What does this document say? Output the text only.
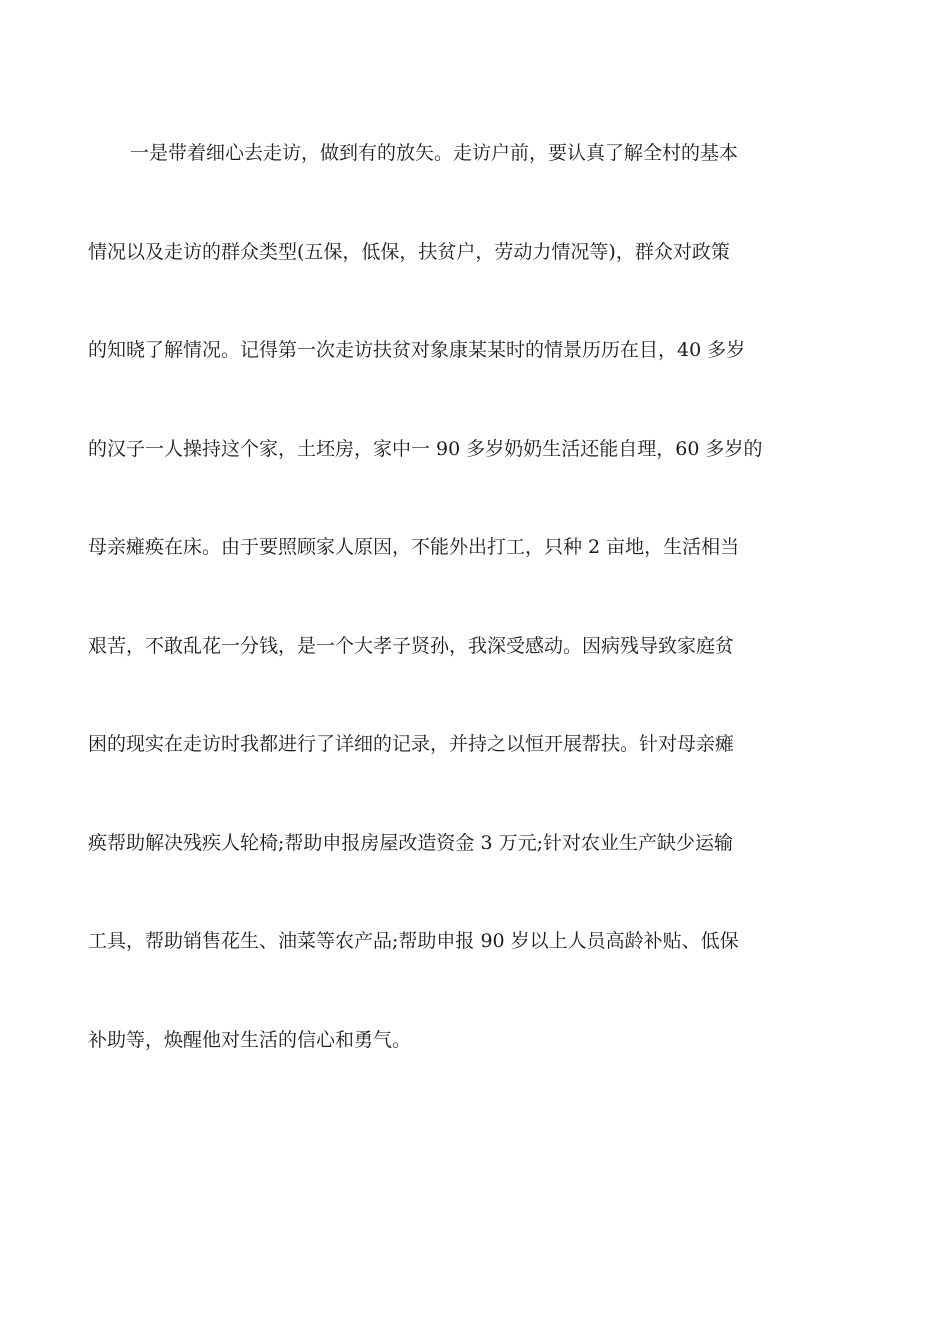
一是带着细心去走访，做到有的放矢。走访户前，要认真了解全村的基本
情况以及走访的群众类型(五保，低保，扶贫户，劳动力情况等)，群众对政策
的知晓了解情况。记得第一次走访扶贫对象康某某时的情景历历在目，40 多岁
的汉子一人操持这个家，土坯房，家中一 90 多岁奶奶生活还能自理，60 多岁的
母亲瘫痪在床。由于要照顾家人原因，不能外出打工，只种 2 亩地，生活相当
艰苦，不敢乱花一分钱，是一个大孝子贤孙，我深受感动。因病残导致家庭贫
困的现实在走访时我都进行了详细的记录，并持之以恒开展帮扶。针对母亲瘫
痪帮助解决残疾人轮椅;帮助申报房屋改造资金 3 万元;针对农业生产缺少运输
工具，帮助销售花生、油菜等农产品;帮助申报 90 岁以上人员高龄补贴、低保
补助等，焕醒他对生活的信心和勇气。
